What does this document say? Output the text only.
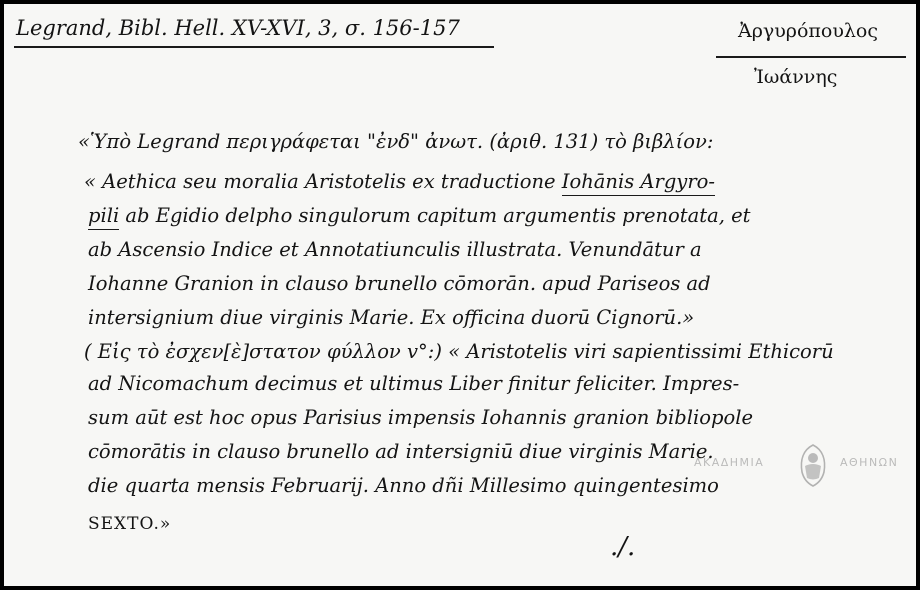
Legrand, Bibl. Hell. XV-XVI, 3, σ. 156-157	Ἀργυρόπουλος
Ἰωάννης
«Ὑπὸ Legrand περιγράφεται "ἐνδ" ἀνωτ. (ἀριθ. 131) τὸ βιβλίον:
« Aethica seu moralia Aristotelis ex traductione Iohānis Argyro-
pili ab Egidio delpho singulorum capitum argumentis prenotata, et
ab Ascensio Indice et Annotatiunculis illustrata. Venundātur a
Iohanne Granion in clauso brunello cōmorān. apud Pariseos ad
intersignium diue virginis Marie. Ex officina duorū Cignorū.»
( Εἰς τὸ ἐσχεν[ὲ]στατον φύλλον v°:) « Aristotelis viri sapientissimi Ethicorū
ad Nicomachum decimus et ultimus Liber finitur feliciter. Impres-
sum aūt est hoc opus Parisius impensis Iohannis granion bibliopole
cōmorātis in clauso brunello ad intersigniū diue virginis Marie.
die quarta mensis Februarij. Anno dñi Millesimo quingentesimo
SEXTO.»
./.
ΑΚΑΔΗΜΙΑ	ΑΘΗΝΩΝ
